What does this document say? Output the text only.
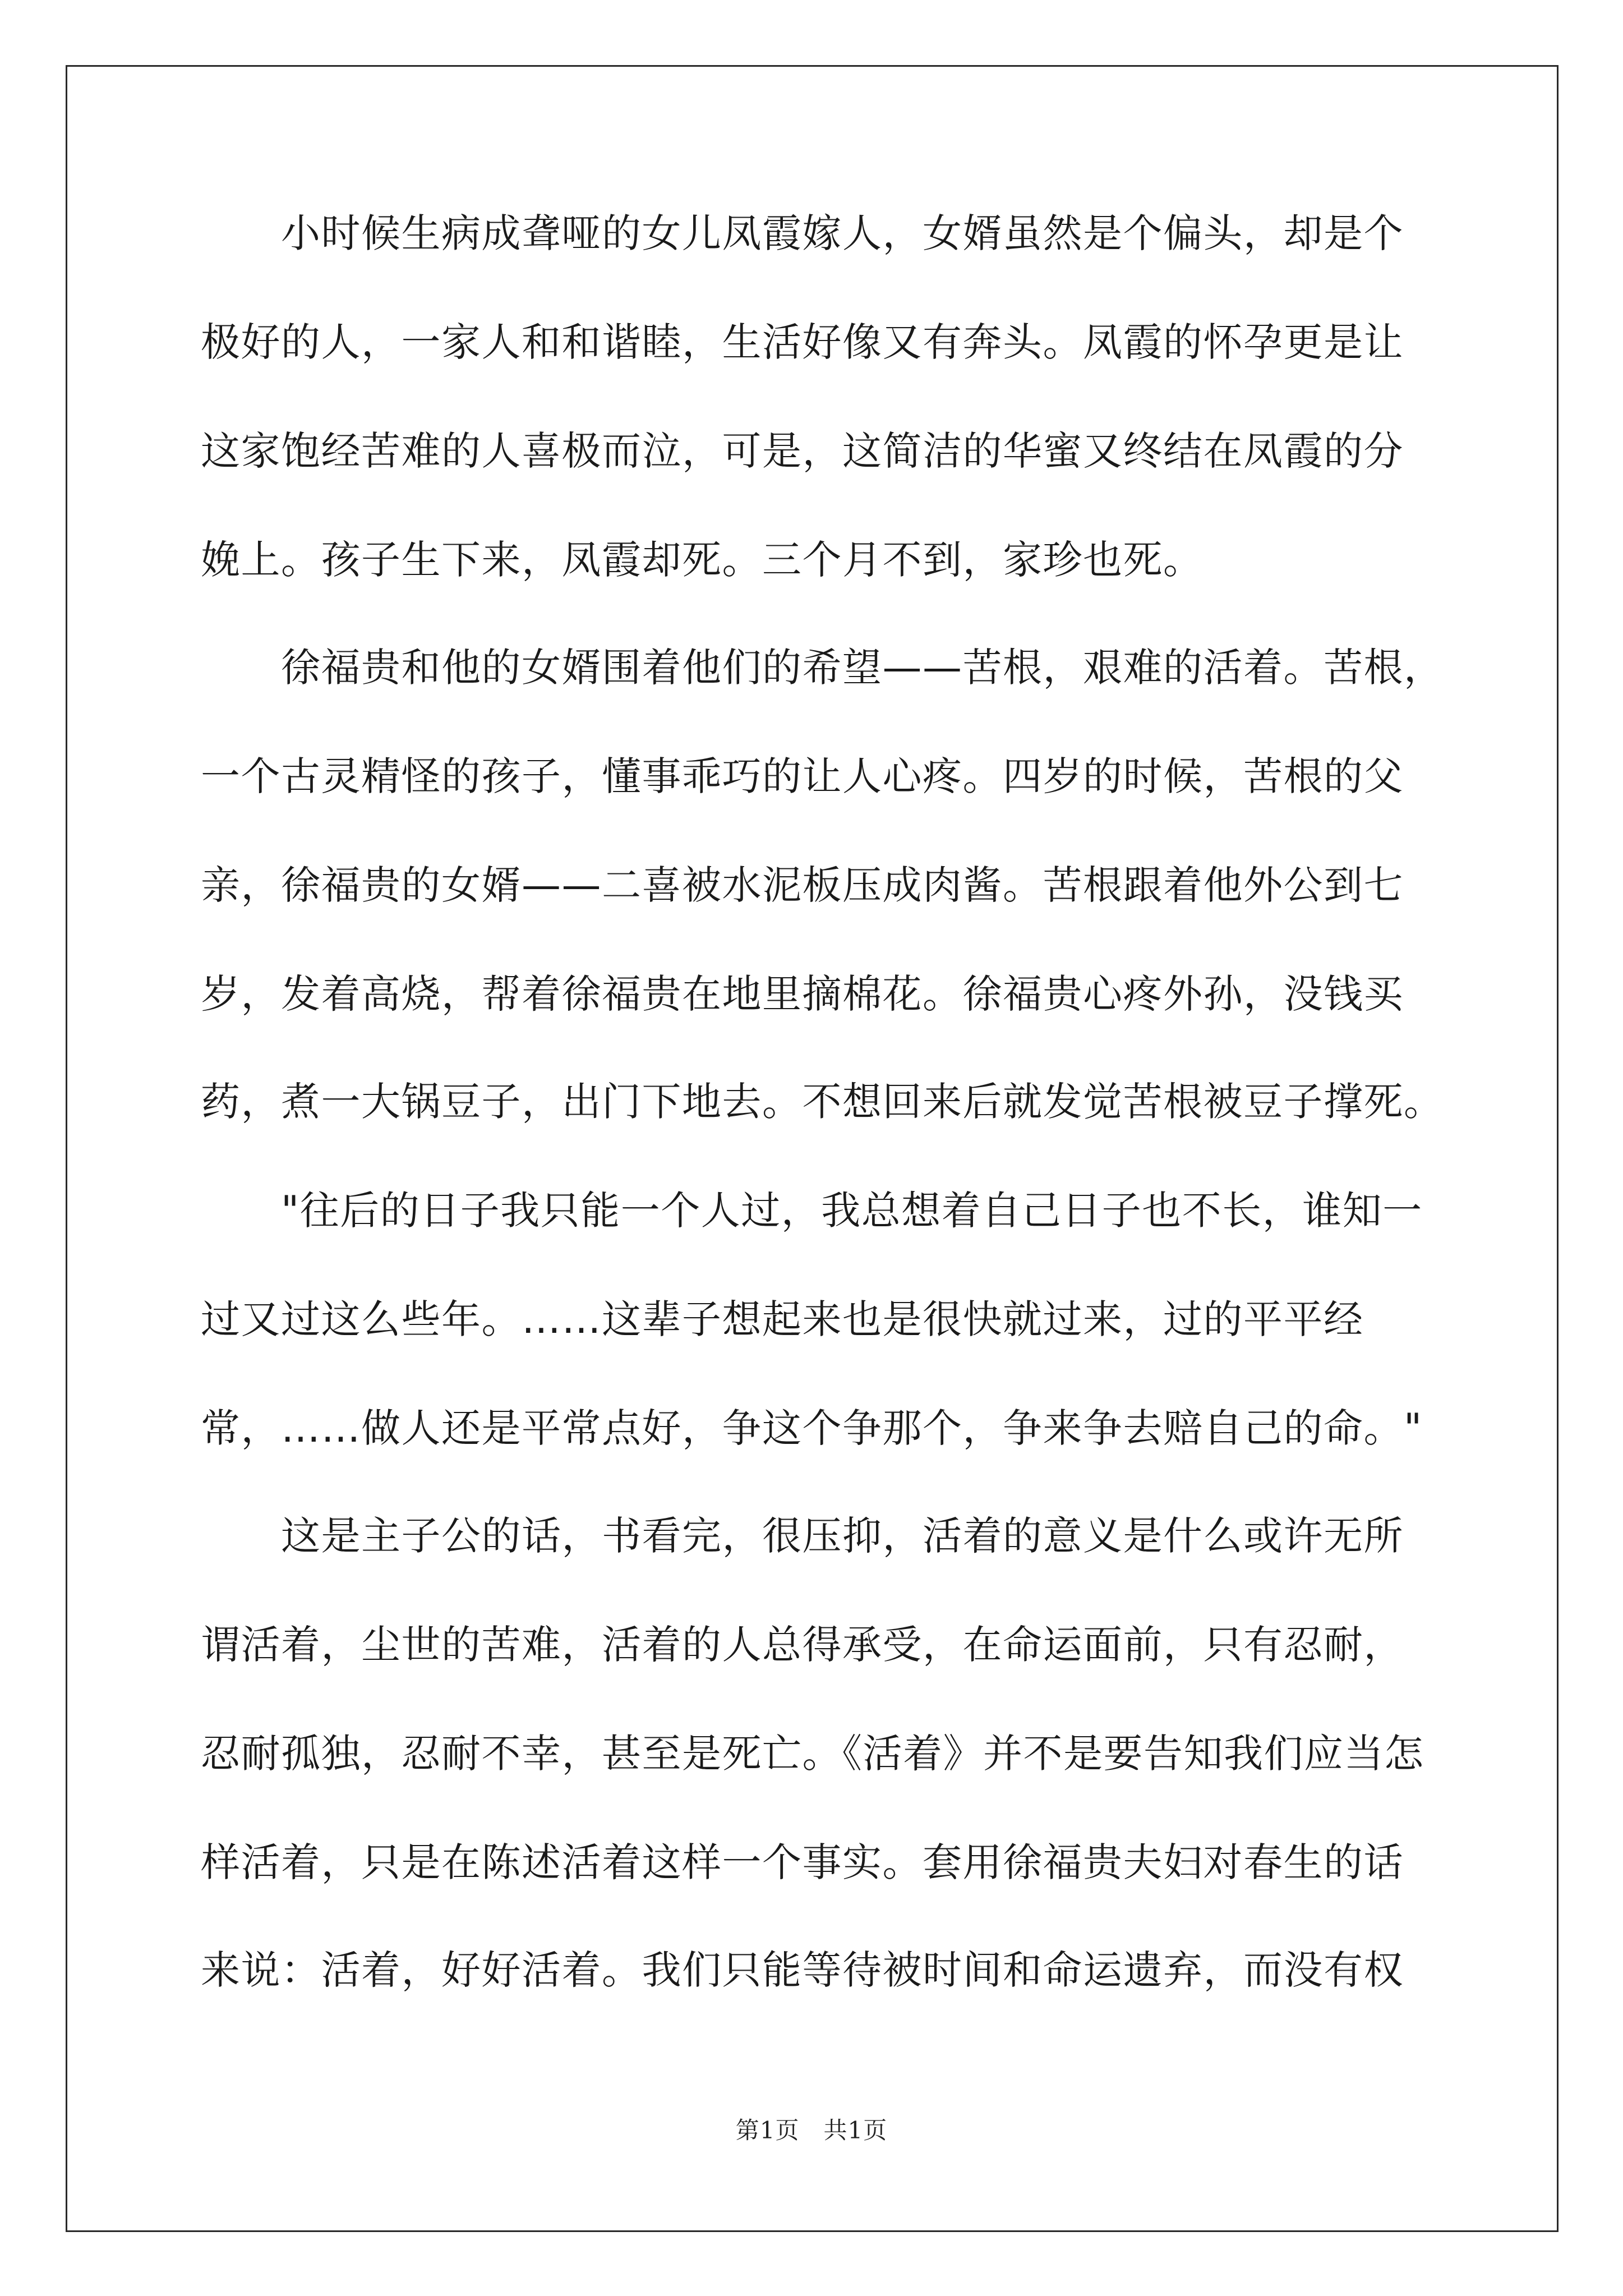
　　小时候生病成聋哑的女儿凤霞嫁人，女婿虽然是个偏头，却是个
极好的人，一家人和和谐睦，生活好像又有奔头。凤霞的怀孕更是让
这家饱经苦难的人喜极而泣，可是，这简洁的华蜜又终结在凤霞的分
娩上。孩子生下来，凤霞却死。三个月不到，家珍也死。
　　徐福贵和他的女婿围着他们的希望——苦根，艰难的活着。苦根，
一个古灵精怪的孩子，懂事乖巧的让人心疼。四岁的时候，苦根的父
亲，徐福贵的女婿——二喜被水泥板压成肉酱。苦根跟着他外公到七
岁，发着高烧，帮着徐福贵在地里摘棉花。徐福贵心疼外孙，没钱买
药，煮一大锅豆子，出门下地去。不想回来后就发觉苦根被豆子撑死。
　　"往后的日子我只能一个人过，我总想着自己日子也不长，谁知一
过又过这么些年。……这辈子想起来也是很快就过来，过的平平经
常，……做人还是平常点好，争这个争那个，争来争去赔自己的命。"
　　这是主子公的话，书看完，很压抑，活着的意义是什么或许无所
谓活着，尘世的苦难，活着的人总得承受，在命运面前，只有忍耐，
忍耐孤独，忍耐不幸，甚至是死亡。《活着》并不是要告知我们应当怎
样活着，只是在陈述活着这样一个事实。套用徐福贵夫妇对春生的话
来说：活着，好好活着。我们只能等待被时间和命运遗弃，而没有权
第1页　共1页
